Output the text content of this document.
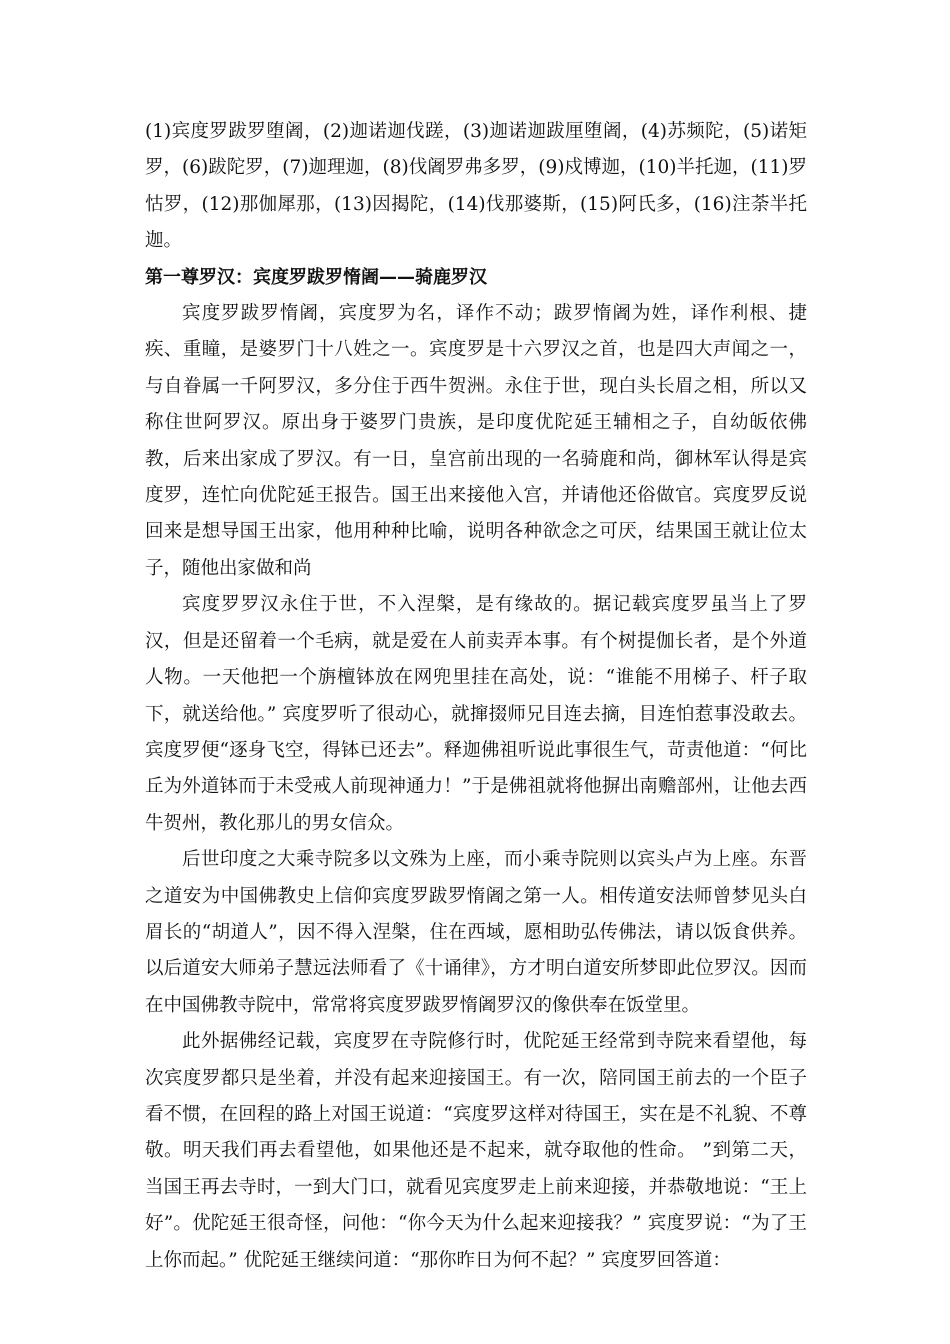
(1)宾度罗跋罗堕阇，(2)迦诺迦伐蹉，(3)迦诺迦跋厘堕阇，(4)苏频陀，(5)诺矩罗，(6)跋陀罗，(7)迦理迦，(8)伐阇罗弗多罗，(9)戍博迦，(10)半托迦，(11)罗怙罗，(12)那伽犀那，(13)因揭陀，(14)伐那婆斯，(15)阿氏多，(16)注荼半托迦。

第一尊罗汉：宾度罗跋罗惰阇——骑鹿罗汉

宾度罗跋罗惰阇，宾度罗为名，译作不动；跋罗惰阇为姓，译作利根、捷疾、重瞳，是婆罗门十八姓之一。宾度罗是十六罗汉之首，也是四大声闻之一，与自眷属一千阿罗汉，多分住于西牛贺洲。永住于世，现白头长眉之相，所以又称住世阿罗汉。原出身于婆罗门贵族，是印度优陀延王辅相之子，自幼皈依佛教，后来出家成了罗汉。有一日，皇宫前出现的一名骑鹿和尚，御林军认得是宾度罗，连忙向优陀延王报告。国王出来接他入宫，并请他还俗做官。宾度罗反说回来是想导国王出家，他用种种比喻，说明各种欲念之可厌，结果国王就让位太子，随他出家做和尚

宾度罗罗汉永住于世，不入涅槃，是有缘故的。据记载宾度罗虽当上了罗汉，但是还留着一个毛病，就是爱在人前卖弄本事。有个树提伽长者，是个外道人物。一天他把一个旃檀钵放在网兜里挂在高处，说：“谁能不用梯子、杆子取下，就送给他。” 宾度罗听了很动心，就撺掇师兄目连去摘，目连怕惹事没敢去。宾度罗便“逐身飞空，得钵已还去”。释迦佛祖听说此事很生气，苛责他道：“何比丘为外道钵而于未受戒人前现神通力！”于是佛祖就将他摒出南赡部州，让他去西牛贺州，教化那儿的男女信众。

后世印度之大乘寺院多以文殊为上座，而小乘寺院则以宾头卢为上座。东晋之道安为中国佛教史上信仰宾度罗跋罗惰阇之第一人。相传道安法师曾梦见头白眉长的“胡道人”，因不得入涅槃，住在西域，愿相助弘传佛法，请以饭食供养。以后道安大师弟子慧远法师看了《十诵律》，方才明白道安所梦即此位罗汉。因而在中国佛教寺院中，常常将宾度罗跋罗惰阇罗汉的像供奉在饭堂里。

此外据佛经记载，宾度罗在寺院修行时，优陀延王经常到寺院来看望他，每次宾度罗都只是坐着，并没有起来迎接国王。有一次，陪同国王前去的一个臣子看不惯，在回程的路上对国王说道：“宾度罗这样对待国王，实在是不礼貌、不尊敬。明天我们再去看望他，如果他还是不起来，就夺取他的性命。 ”到第二天，当国王再去寺时，一到大门口，就看见宾度罗走上前来迎接，并恭敬地说：“王上好”。优陀延王很奇怪，问他：“你今天为什么起来迎接我？” 宾度罗说：“为了王上你而起。” 优陀延王继续问道：“那你昨日为何不起？” 宾度罗回答道：
